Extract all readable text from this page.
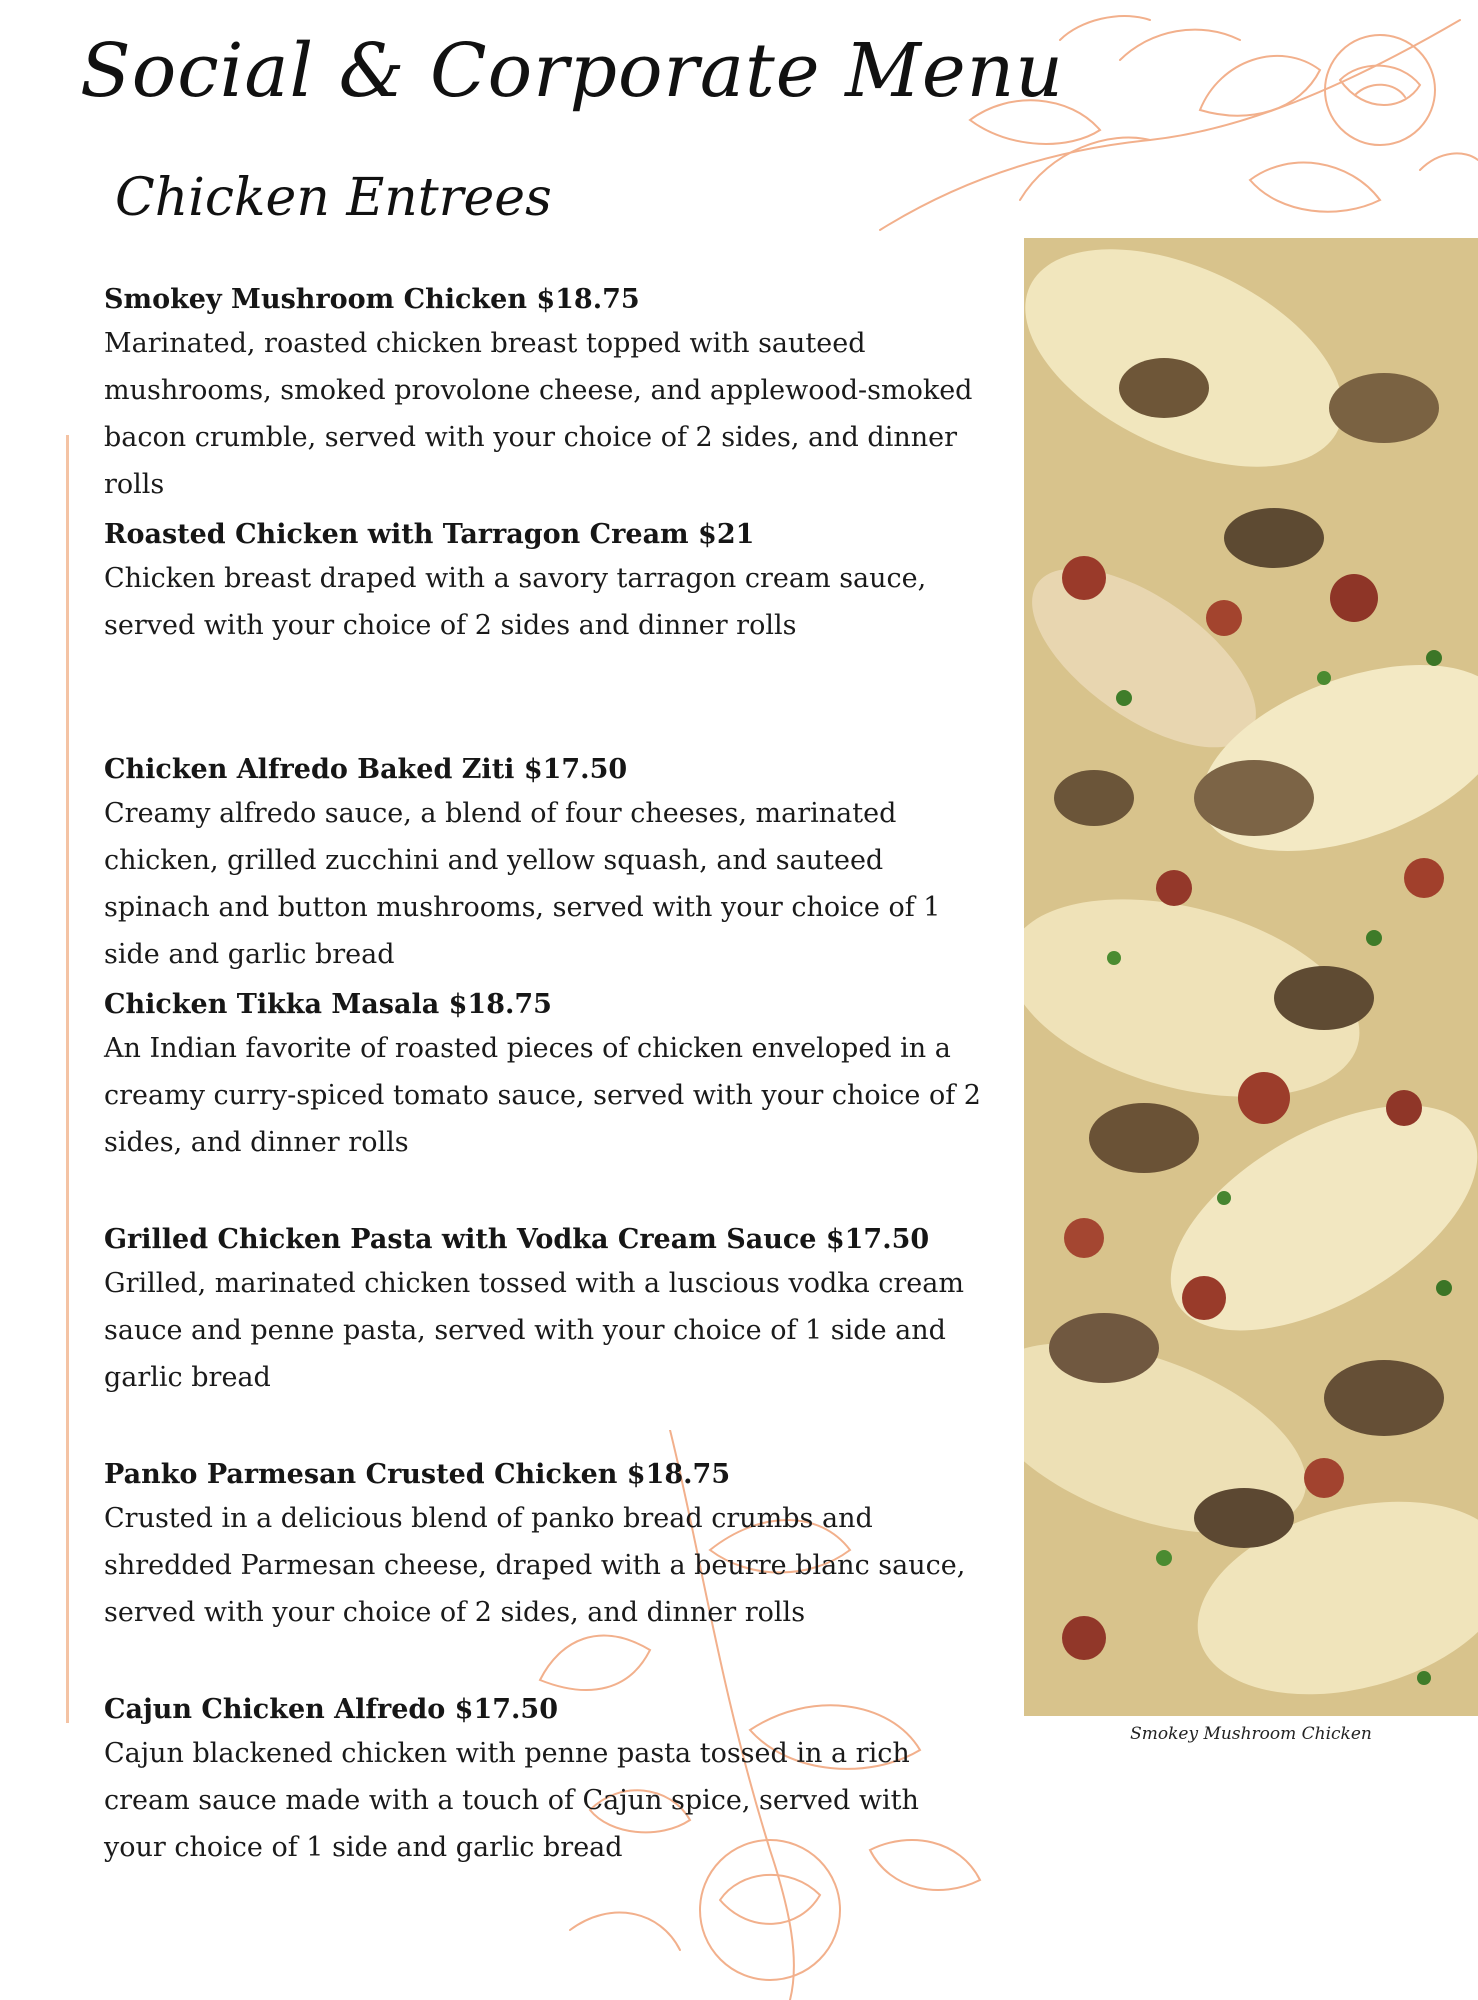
Social & Corporate Menu
Chicken Entrees
Smokey Mushroom Chicken $18.75
Marinated, roasted chicken breast topped with sauteed mushrooms, smoked provolone cheese, and applewood-smoked bacon crumble, served with your choice of 2 sides, and dinner rolls
Roasted Chicken with Tarragon Cream $21
Chicken breast draped with a savory tarragon cream sauce, served with your choice of 2 sides and dinner rolls
Chicken Alfredo Baked Ziti $17.50
Creamy alfredo sauce, a blend of four cheeses, marinated chicken, grilled zucchini and yellow squash, and sauteed spinach and button mushrooms, served with your choice of 1 side and garlic bread
Chicken Tikka Masala $18.75
An Indian favorite of roasted pieces of chicken enveloped in a creamy curry-spiced tomato sauce, served with your choice of 2 sides, and dinner rolls
Grilled Chicken Pasta with Vodka Cream Sauce $17.50
Grilled, marinated chicken tossed with a luscious vodka cream sauce and penne pasta, served with your choice of 1 side and garlic bread
Panko Parmesan Crusted Chicken $18.75
Crusted in a delicious blend of panko bread crumbs and shredded Parmesan cheese, draped with a beurre blanc sauce, served with your choice of 2 sides, and dinner rolls
Cajun Chicken Alfredo $17.50
Cajun blackened chicken with penne pasta tossed in a rich cream sauce made with a touch of Cajun spice, served with your choice of 1 side and garlic bread
Smokey Mushroom Chicken
